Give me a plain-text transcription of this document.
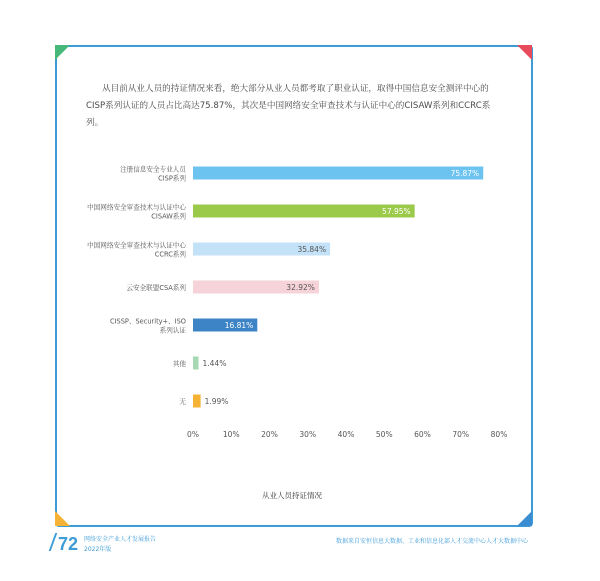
从目前从业人员的持证情况来看，绝大部分从业人员都考取了职业认证，取得中国信息安全测评中心的CISP系列认证的人员占比高达75.87%，其次是中国网络安全审查技术与认证中心的CISAW系列和CCRC系列。

75.87%
注册信息安全专业人员
CISP系列
57.95%
中国网络安全审查技术与认证中心
CISAW系列
35.84%
中国网络安全审查技术与认证中心
CCRC系列
32.92%
云安全联盟CSA系列
16.81%
CISSP、Security+、ISO
系列认证
1.44%
其他
1.99%
无
0%	10%	20%	30%	40%	50%	60%	70%	80%
从业人员持证情况
72 网络安全产业人才发展报告
2022年版
数据来自安恒信息大数据、工业和信息化部人才交流中心人才大数据中心
